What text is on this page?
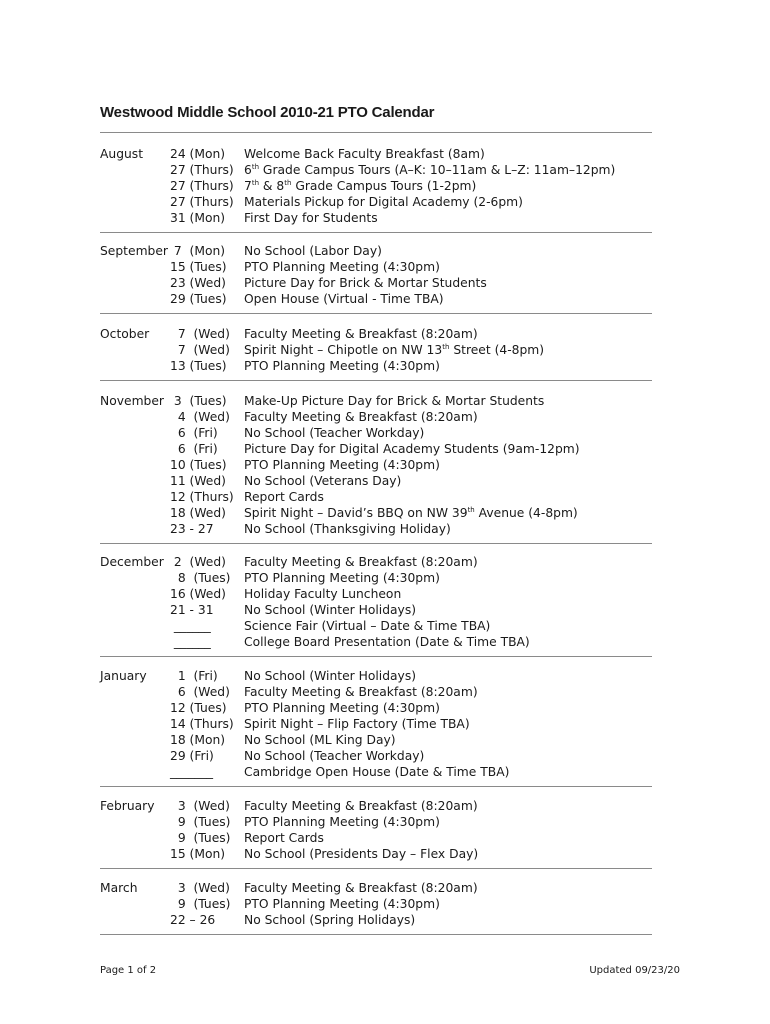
Westwood Middle School 2010-21 PTO Calendar
August 24 (Mon)	Welcome Back Faculty Breakfast (8am)
27 (Thurs) 6th Grade Campus Tours (A–K: 10–11am & L–Z: 11am–12pm)
27 (Thurs) 7th & 8th Grade Campus Tours (1-2pm)
27 (Thurs) Materials Pickup for Digital Academy (2-6pm)
31 (Mon)	First Day for Students
September 7  (Mon)	No School (Labor Day)
15 (Tues)	PTO Planning Meeting (4:30pm)
23 (Wed)	Picture Day for Brick & Mortar Students
29 (Tues)	Open House (Virtual - Time TBA)
October 7  (Wed)	Faculty Meeting & Breakfast (8:20am)
7  (Wed)	Spirit Night – Chipotle on NW 13th Street (4-8pm)
13 (Tues)	PTO Planning Meeting (4:30pm)
November 3  (Tues)	Make-Up Picture Day for Brick & Mortar Students
4  (Wed)	Faculty Meeting & Breakfast (8:20am)
6  (Fri)	No School (Teacher Workday)
6  (Fri)	Picture Day for Digital Academy Students (9am-12pm)
10 (Tues)	PTO Planning Meeting (4:30pm)
11 (Wed)	No School (Veterans Day)
12 (Thurs) Report Cards
18 (Wed)	Spirit Night – David’s BBQ on NW 39th Avenue (4-8pm)
23 - 27	No School (Thanksgiving Holiday)
December 2  (Wed)	Faculty Meeting & Breakfast (8:20am)
8  (Tues)	PTO Planning Meeting (4:30pm)
16 (Wed)	Holiday Faculty Luncheon
21 - 31	No School (Winter Holidays)
______	Science Fair (Virtual – Date & Time TBA)
______	College Board Presentation (Date & Time TBA)
January 1  (Fri)	No School (Winter Holidays)
6  (Wed)	Faculty Meeting & Breakfast (8:20am)
12 (Tues)	PTO Planning Meeting (4:30pm)
14 (Thurs) Spirit Night – Flip Factory (Time TBA)
18 (Mon)	No School (ML King Day)
29 (Fri)	No School (Teacher Workday)
_______	Cambridge Open House (Date & Time TBA)
February 3  (Wed)	Faculty Meeting & Breakfast (8:20am)
9  (Tues)	PTO Planning Meeting (4:30pm)
9  (Tues)	Report Cards
15 (Mon)	No School (Presidents Day – Flex Day)
March	3  (Wed)	Faculty Meeting & Breakfast (8:20am)
9  (Tues)	PTO Planning Meeting (4:30pm)
22 – 26	No School (Spring Holidays)
Page 1 of 2	Updated 09/23/20
